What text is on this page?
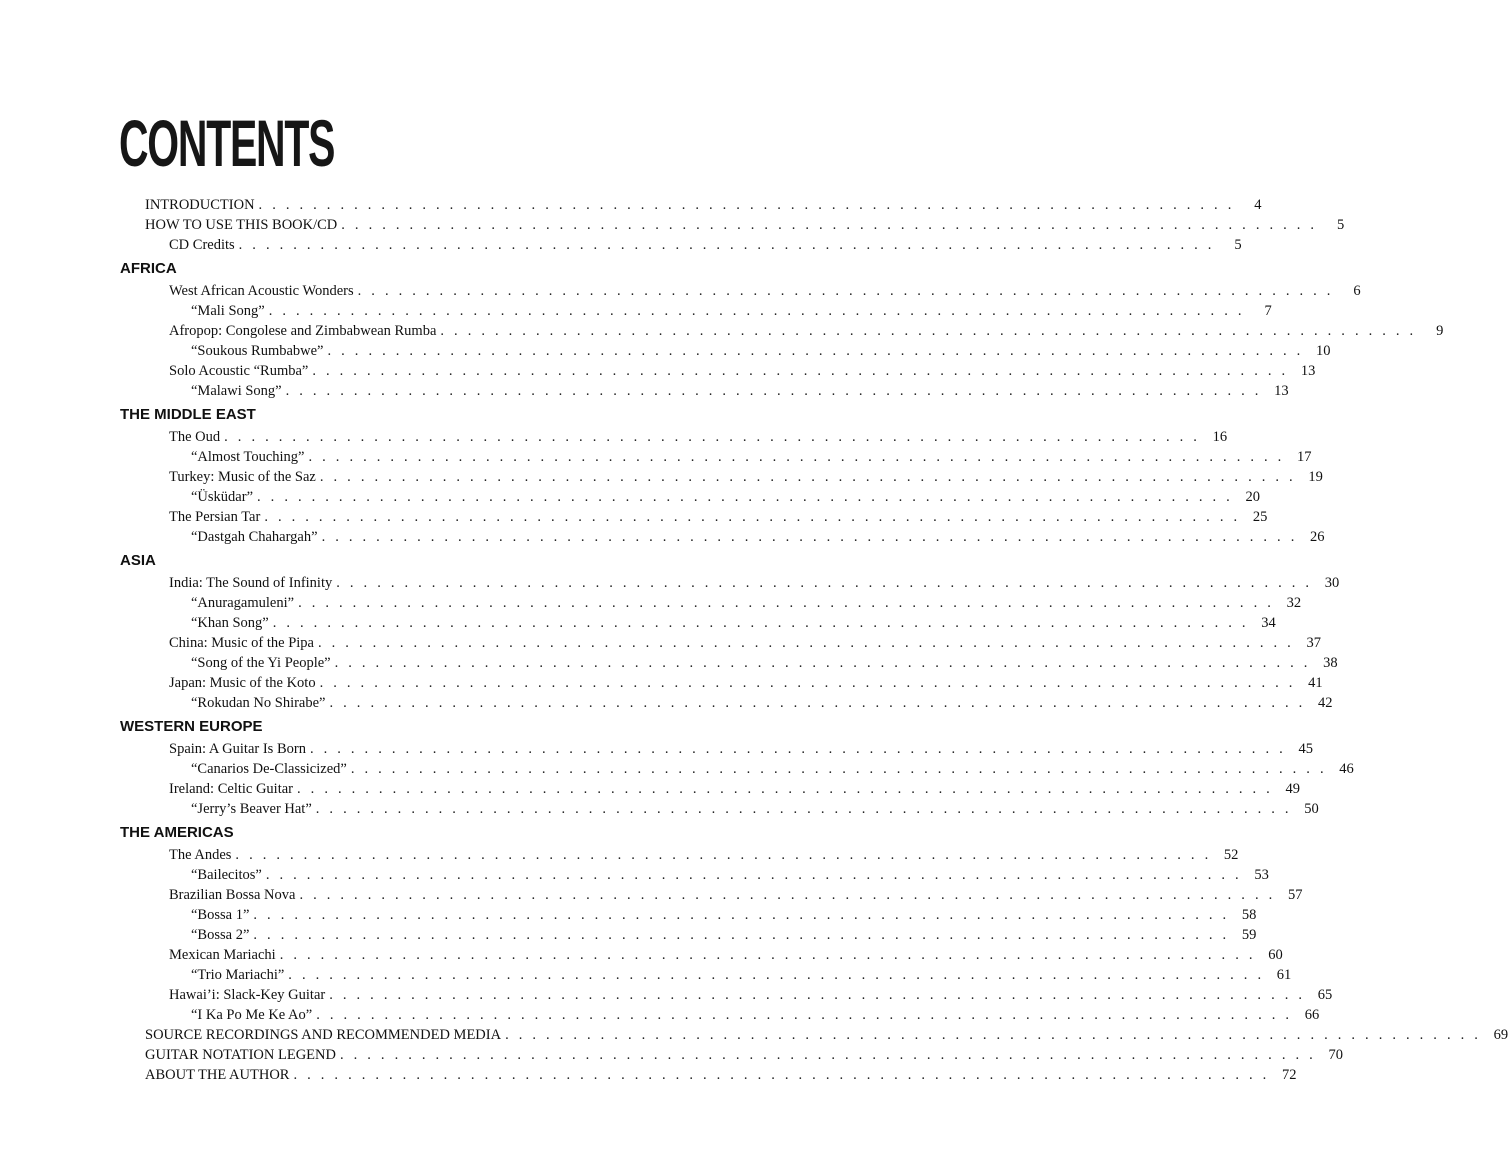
CONTENTS
INTRODUCTION . . . . . . . . . . . . . . . . . . . . . . . . . . . . . . . . . . . . . . . . . . . . . . . . . . . . . . . . . . . . . . . . . . . . . . . .	4
HOW TO USE THIS BOOK/CD . . . . . . . . . . . . . . . . . . . . . . . . . . . . . . . . . . . . . . . . . . . . . . . . . . . . . . . . . . . . . . . . . . . . . . . .	5
CD Credits . . . . . . . . . . . . . . . . . . . . . . . . . . . . . . . . . . . . . . . . . . . . . . . . . . . . . . . . . . . . . . . . . . . . . . . .	5
AFRICA
West African Acoustic Wonders . . . . . . . . . . . . . . . . . . . . . . . . . . . . . . . . . . . . . . . . . . . . . . . . . . . . . . . . . . . . . . . . . . . . . . . .	6
“Mali Song” . . . . . . . . . . . . . . . . . . . . . . . . . . . . . . . . . . . . . . . . . . . . . . . . . . . . . . . . . . . . . . . . . . . . . . . .	7
Afropop: Congolese and Zimbabwean Rumba . . . . . . . . . . . . . . . . . . . . . . . . . . . . . . . . . . . . . . . . . . . . . . . . . . . . . . . . . . . . . . . . . . . . . . . .	9
“Soukous Rumbabwe” . . . . . . . . . . . . . . . . . . . . . . . . . . . . . . . . . . . . . . . . . . . . . . . . . . . . . . . . . . . . . . . . . . . . . . . . 10
Solo Acoustic “Rumba” . . . . . . . . . . . . . . . . . . . . . . . . . . . . . . . . . . . . . . . . . . . . . . . . . . . . . . . . . . . . . . . . . . . . . . . . 13
“Malawi Song” . . . . . . . . . . . . . . . . . . . . . . . . . . . . . . . . . . . . . . . . . . . . . . . . . . . . . . . . . . . . . . . . . . . . . . . . 13
THE MIDDLE EAST
The Oud . . . . . . . . . . . . . . . . . . . . . . . . . . . . . . . . . . . . . . . . . . . . . . . . . . . . . . . . . . . . . . . . . . . . . . . . 16
“Almost Touching” . . . . . . . . . . . . . . . . . . . . . . . . . . . . . . . . . . . . . . . . . . . . . . . . . . . . . . . . . . . . . . . . . . . . . . . . 17
Turkey: Music of the Saz . . . . . . . . . . . . . . . . . . . . . . . . . . . . . . . . . . . . . . . . . . . . . . . . . . . . . . . . . . . . . . . . . . . . . . . . 19
“Üsküdar” . . . . . . . . . . . . . . . . . . . . . . . . . . . . . . . . . . . . . . . . . . . . . . . . . . . . . . . . . . . . . . . . . . . . . . . . 20
The Persian Tar . . . . . . . . . . . . . . . . . . . . . . . . . . . . . . . . . . . . . . . . . . . . . . . . . . . . . . . . . . . . . . . . . . . . . . . . 25
“Dastgah Chahargah” . . . . . . . . . . . . . . . . . . . . . . . . . . . . . . . . . . . . . . . . . . . . . . . . . . . . . . . . . . . . . . . . . . . . . . . . 26
ASIA
India: The Sound of Infinity . . . . . . . . . . . . . . . . . . . . . . . . . . . . . . . . . . . . . . . . . . . . . . . . . . . . . . . . . . . . . . . . . . . . . . . . 30
“Anuragamuleni” . . . . . . . . . . . . . . . . . . . . . . . . . . . . . . . . . . . . . . . . . . . . . . . . . . . . . . . . . . . . . . . . . . . . . . . . 32
“Khan Song” . . . . . . . . . . . . . . . . . . . . . . . . . . . . . . . . . . . . . . . . . . . . . . . . . . . . . . . . . . . . . . . . . . . . . . . . 34
China: Music of the Pipa . . . . . . . . . . . . . . . . . . . . . . . . . . . . . . . . . . . . . . . . . . . . . . . . . . . . . . . . . . . . . . . . . . . . . . . . 37
“Song of the Yi People” . . . . . . . . . . . . . . . . . . . . . . . . . . . . . . . . . . . . . . . . . . . . . . . . . . . . . . . . . . . . . . . . . . . . . . . . 38
Japan: Music of the Koto . . . . . . . . . . . . . . . . . . . . . . . . . . . . . . . . . . . . . . . . . . . . . . . . . . . . . . . . . . . . . . . . . . . . . . . . 41
“Rokudan No Shirabe” . . . . . . . . . . . . . . . . . . . . . . . . . . . . . . . . . . . . . . . . . . . . . . . . . . . . . . . . . . . . . . . . . . . . . . . . 42
WESTERN EUROPE
Spain: A Guitar Is Born . . . . . . . . . . . . . . . . . . . . . . . . . . . . . . . . . . . . . . . . . . . . . . . . . . . . . . . . . . . . . . . . . . . . . . . . 45
“Canarios De-Classicized” . . . . . . . . . . . . . . . . . . . . . . . . . . . . . . . . . . . . . . . . . . . . . . . . . . . . . . . . . . . . . . . . . . . . . . . . 46
Ireland: Celtic Guitar . . . . . . . . . . . . . . . . . . . . . . . . . . . . . . . . . . . . . . . . . . . . . . . . . . . . . . . . . . . . . . . . . . . . . . . . 49
“Jerry’s Beaver Hat” . . . . . . . . . . . . . . . . . . . . . . . . . . . . . . . . . . . . . . . . . . . . . . . . . . . . . . . . . . . . . . . . . . . . . . . . 50
THE AMERICAS
The Andes . . . . . . . . . . . . . . . . . . . . . . . . . . . . . . . . . . . . . . . . . . . . . . . . . . . . . . . . . . . . . . . . . . . . . . . . 52
“Bailecitos” . . . . . . . . . . . . . . . . . . . . . . . . . . . . . . . . . . . . . . . . . . . . . . . . . . . . . . . . . . . . . . . . . . . . . . . . 53
Brazilian Bossa Nova . . . . . . . . . . . . . . . . . . . . . . . . . . . . . . . . . . . . . . . . . . . . . . . . . . . . . . . . . . . . . . . . . . . . . . . . 57
“Bossa 1” . . . . . . . . . . . . . . . . . . . . . . . . . . . . . . . . . . . . . . . . . . . . . . . . . . . . . . . . . . . . . . . . . . . . . . . . 58
“Bossa 2” . . . . . . . . . . . . . . . . . . . . . . . . . . . . . . . . . . . . . . . . . . . . . . . . . . . . . . . . . . . . . . . . . . . . . . . . 59
Mexican Mariachi . . . . . . . . . . . . . . . . . . . . . . . . . . . . . . . . . . . . . . . . . . . . . . . . . . . . . . . . . . . . . . . . . . . . . . . . 60
“Trio Mariachi” . . . . . . . . . . . . . . . . . . . . . . . . . . . . . . . . . . . . . . . . . . . . . . . . . . . . . . . . . . . . . . . . . . . . . . . . 61
Hawai’i: Slack-Key Guitar . . . . . . . . . . . . . . . . . . . . . . . . . . . . . . . . . . . . . . . . . . . . . . . . . . . . . . . . . . . . . . . . . . . . . . . . 65
“I Ka Po Me Ke Ao” . . . . . . . . . . . . . . . . . . . . . . . . . . . . . . . . . . . . . . . . . . . . . . . . . . . . . . . . . . . . . . . . . . . . . . . . 66
SOURCE RECORDINGS AND RECOMMENDED MEDIA . . . . . . . . . . . . . . . . . . . . . . . . . . . . . . . . . . . . . . . . . . . . . . . . . . . . . . . . . . . . . . . . . . . . . . . . 69
GUITAR NOTATION LEGEND . . . . . . . . . . . . . . . . . . . . . . . . . . . . . . . . . . . . . . . . . . . . . . . . . . . . . . . . . . . . . . . . . . . . . . . . 70
ABOUT THE AUTHOR . . . . . . . . . . . . . . . . . . . . . . . . . . . . . . . . . . . . . . . . . . . . . . . . . . . . . . . . . . . . . . . . . . . . . . . . 72
